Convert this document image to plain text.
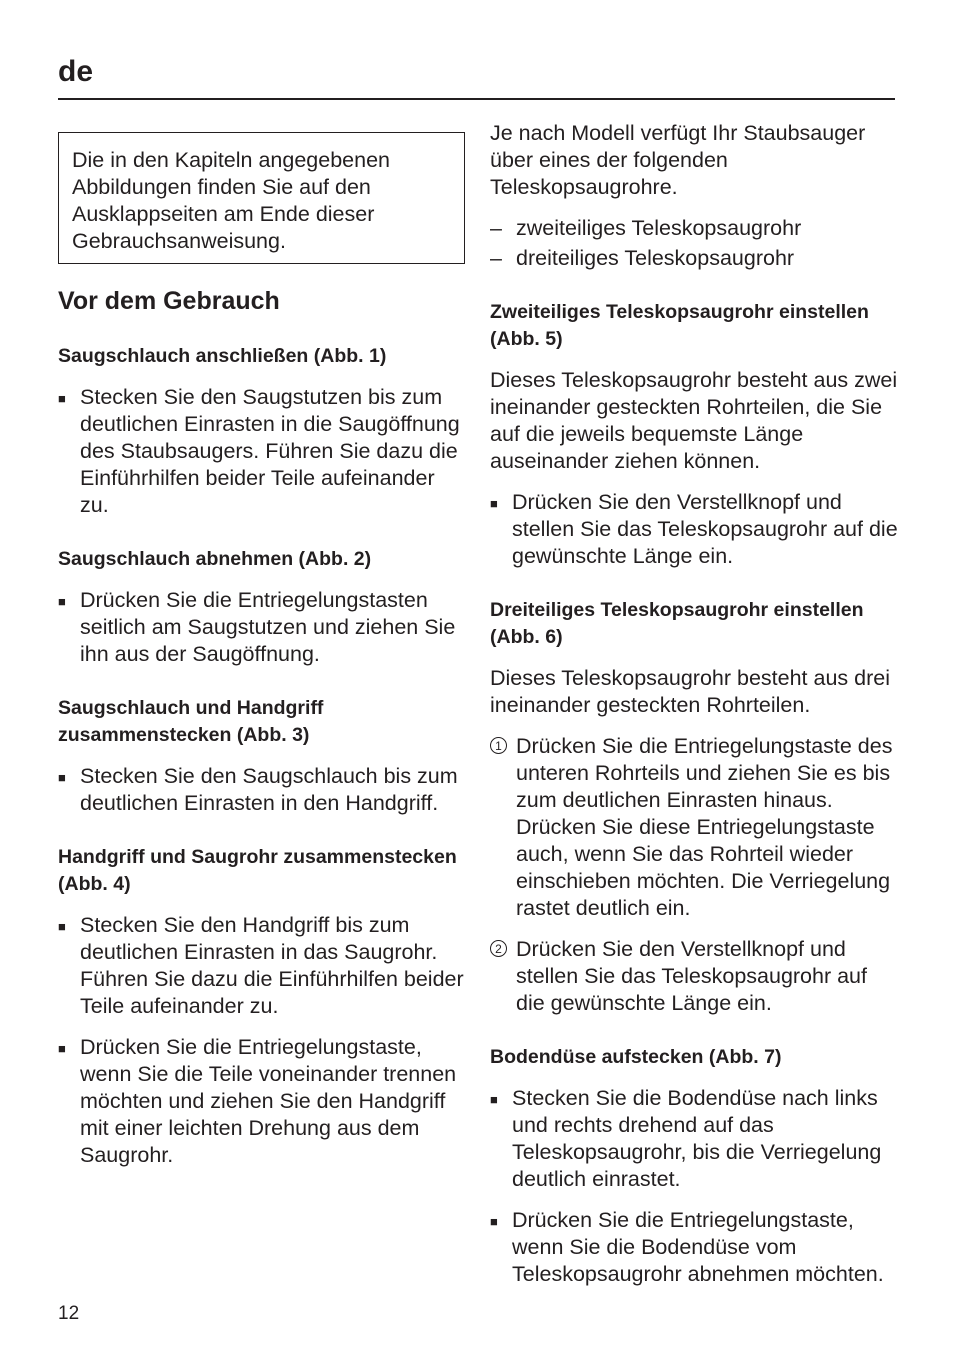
de

Die in den Kapiteln angegebenen Abbildungen finden Sie auf den Ausklappseiten am Ende dieser Gebrauchsanweisung.

Vor dem Gebrauch
Saugschlauch anschließen (Abb. 1)
■ Stecken Sie den Saugstutzen bis zum deutlichen Einrasten in die Saugöffnung des Staubsaugers. Führen Sie dazu die Einführhilfen beider Teile aufeinander zu.

Saugschlauch abnehmen (Abb. 2)
■ Drücken Sie die Entriegelungstasten seitlich am Saugstutzen und ziehen Sie ihn aus der Saugöffnung.

Saugschlauch und Handgriff zusammenstecken (Abb. 3)
■ Stecken Sie den Saugschlauch bis zum deutlichen Einrasten in den Handgriff.

Handgriff und Saugrohr zusammenstecken (Abb. 4)
■ Stecken Sie den Handgriff bis zum deutlichen Einrasten in das Saugrohr. Führen Sie dazu die Einführhilfen beider Teile aufeinander zu.

■ Drücken Sie die Entriegelungstaste, wenn Sie die Teile voneinander trennen möchten und ziehen Sie den Handgriff mit einer leichten Drehung aus dem Saugrohr.

Je nach Modell verfügt Ihr Staubsauger über eines der folgenden Teleskopsaugrohre.

– zweiteiliges Teleskopsaugrohr

– dreiteiliges Teleskopsaugrohr

Zweiteiliges Teleskopsaugrohr einstellen (Abb. 5)

Dieses Teleskopsaugrohr besteht aus zwei ineinander gesteckten Rohrteilen, die Sie auf die jeweils bequemste Länge auseinander ziehen können.

■ Drücken Sie den Verstellknopf und stellen Sie das Teleskopsaugrohr auf die gewünschte Länge ein.

Dreiteiliges Teleskopsaugrohr einstellen (Abb. 6)

Dieses Teleskopsaugrohr besteht aus drei ineinander gesteckten Rohrteilen.

1 Drücken Sie die Entriegelungstaste des unteren Rohrteils und ziehen Sie es bis zum deutlichen Einrasten hinaus. Drücken Sie diese Entriegelungstaste auch, wenn Sie das Rohrteil wieder einschieben möchten. Die Verriegelung rastet deutlich ein.

2 Drücken Sie den Verstellknopf und stellen Sie das Teleskopsaugrohr auf die gewünschte Länge ein.

Bodendüse aufstecken (Abb. 7)
■ Stecken Sie die Bodendüse nach links und rechts drehend auf das Teleskopsaugrohr, bis die Verriegelung deutlich einrastet.

■ Drücken Sie die Entriegelungstaste, wenn Sie die Bodendüse vom Teleskopsaugrohr abnehmen möchten.

12
